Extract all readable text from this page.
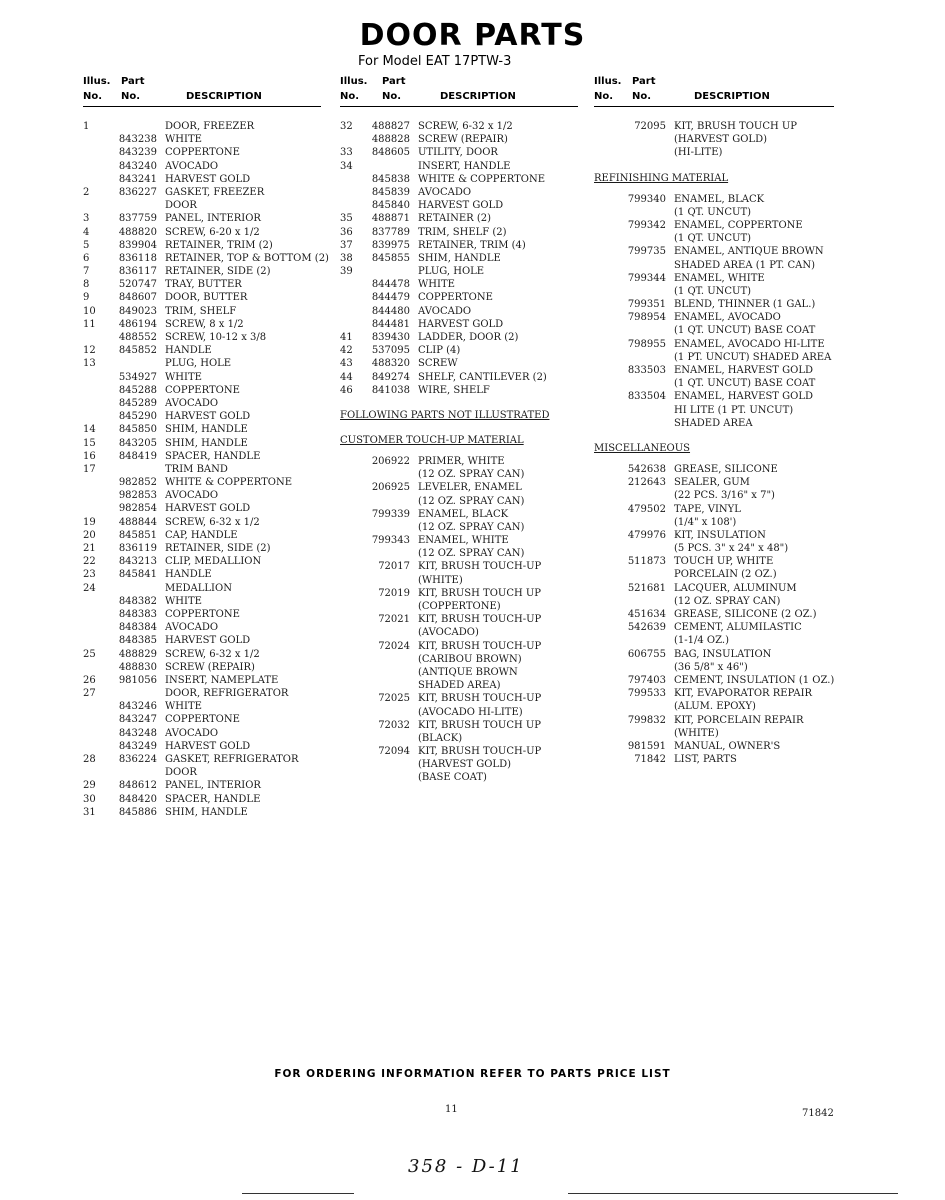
DOOR PARTS
For Model EAT 17PTW-3
Illus. Part
No. No.	DESCRIPTION
1	DOOR, FREEZER
843238 WHITE
843239 COPPERTONE
843240 AVOCADO
843241 HARVEST GOLD
2	836227 GASKET, FREEZER
DOOR
3	837759 PANEL, INTERIOR
4	488820 SCREW, 6-20 x 1/2
5	839904 RETAINER, TRIM (2)
6	836118 RETAINER, TOP & BOTTOM (2)
7	836117 RETAINER, SIDE (2)
8	520747 TRAY, BUTTER
9	848607 DOOR, BUTTER
10	849023 TRIM, SHELF
11	486194 SCREW, 8 x 1/2
488552 SCREW, 10-12 x 3/8
12	845852 HANDLE
13	PLUG, HOLE
534927 WHITE
845288 COPPERTONE
845289 AVOCADO
845290 HARVEST GOLD
14	845850 SHIM, HANDLE
15	843205 SHIM, HANDLE
16	848419 SPACER, HANDLE
17	TRIM BAND
982852 WHITE & COPPERTONE
982853 AVOCADO
982854 HARVEST GOLD
19	488844 SCREW, 6-32 x 1/2
20	845851 CAP, HANDLE
21	836119 RETAINER, SIDE (2)
22	843213 CLIP, MEDALLION
23	845841 HANDLE
24	MEDALLION
848382 WHITE
848383 COPPERTONE
848384 AVOCADO
848385 HARVEST GOLD
25	488829 SCREW, 6-32 x 1/2
488830 SCREW (REPAIR)
26	981056 INSERT, NAMEPLATE
27	DOOR, REFRIGERATOR
843246 WHITE
843247 COPPERTONE
843248 AVOCADO
843249 HARVEST GOLD
28	836224 GASKET, REFRIGERATOR
DOOR
29	848612 PANEL, INTERIOR
30	848420 SPACER, HANDLE
31	845886 SHIM, HANDLE
Illus. Part
No. No.	DESCRIPTION
32	488827 SCREW, 6-32 x 1/2
488828 SCREW (REPAIR)
33	848605 UTILITY, DOOR
34	INSERT, HANDLE
845838 WHITE & COPPERTONE
845839 AVOCADO
845840 HARVEST GOLD
35	488871 RETAINER (2)
36	837789 TRIM, SHELF (2)
37	839975 RETAINER, TRIM (4)
38	845855 SHIM, HANDLE
39	PLUG, HOLE
844478 WHITE
844479 COPPERTONE
844480 AVOCADO
844481 HARVEST GOLD
41	839430 LADDER, DOOR (2)
42	537095 CLIP (4)
43	488320 SCREW
44	849274 SHELF, CANTILEVER (2)
46	841038 WIRE, SHELF
FOLLOWING PARTS NOT ILLUSTRATED
CUSTOMER TOUCH-UP MATERIAL
206922 PRIMER, WHITE
(12 OZ. SPRAY CAN)
206925 LEVELER, ENAMEL
(12 OZ. SPRAY CAN)
799339 ENAMEL, BLACK
(12 OZ. SPRAY CAN)
799343 ENAMEL, WHITE
(12 OZ. SPRAY CAN)
72017 KIT, BRUSH TOUCH-UP
(WHITE)
72019 KIT, BRUSH TOUCH UP
(COPPERTONE)
72021 KIT, BRUSH TOUCH-UP
(AVOCADO)
72024 KIT, BRUSH TOUCH-UP
(CARIBOU BROWN)
(ANTIQUE BROWN
SHADED AREA)
72025 KIT, BRUSH TOUCH-UP
(AVOCADO HI-LITE)
72032 KIT, BRUSH TOUCH UP
(BLACK)
72094 KIT, BRUSH TOUCH-UP
(HARVEST GOLD)
(BASE COAT)
Illus. Part
No. No.	DESCRIPTION
72095 KIT, BRUSH TOUCH UP
(HARVEST GOLD)
(HI-LITE)
REFINISHING MATERIAL
799340 ENAMEL, BLACK
(1 QT. UNCUT)
799342 ENAMEL, COPPERTONE
(1 QT. UNCUT)
799735 ENAMEL, ANTIQUE BROWN
SHADED AREA (1 PT. CAN)
799344 ENAMEL, WHITE
(1 QT. UNCUT)
799351 BLEND, THINNER (1 GAL.)
798954 ENAMEL, AVOCADO
(1 QT. UNCUT) BASE COAT
798955 ENAMEL, AVOCADO HI-LITE
(1 PT. UNCUT) SHADED AREA
833503 ENAMEL, HARVEST GOLD
(1 QT. UNCUT) BASE COAT
833504 ENAMEL, HARVEST GOLD
HI LITE (1 PT. UNCUT)
SHADED AREA
MISCELLANEOUS
542638 GREASE, SILICONE
212643 SEALER, GUM
(22 PCS. 3/16" x 7")
479502 TAPE, VINYL
(1/4" x 108')
479976 KIT, INSULATION
(5 PCS. 3" x 24" x 48")
511873 TOUCH UP, WHITE
PORCELAIN (2 OZ.)
521681 LACQUER, ALUMINUM
(12 OZ. SPRAY CAN)
451634 GREASE, SILICONE (2 OZ.)
542639 CEMENT, ALUMILASTIC
(1-1/4 OZ.)
606755 BAG, INSULATION
(36 5/8" x 46")
797403 CEMENT, INSULATION (1 OZ.)
799533 KIT, EVAPORATOR REPAIR
(ALUM. EPOXY)
799832 KIT, PORCELAIN REPAIR
(WHITE)
981591 MANUAL, OWNER'S
71842 LIST, PARTS
FOR ORDERING INFORMATION REFER TO PARTS PRICE LIST
11	71842
358 - D-11
